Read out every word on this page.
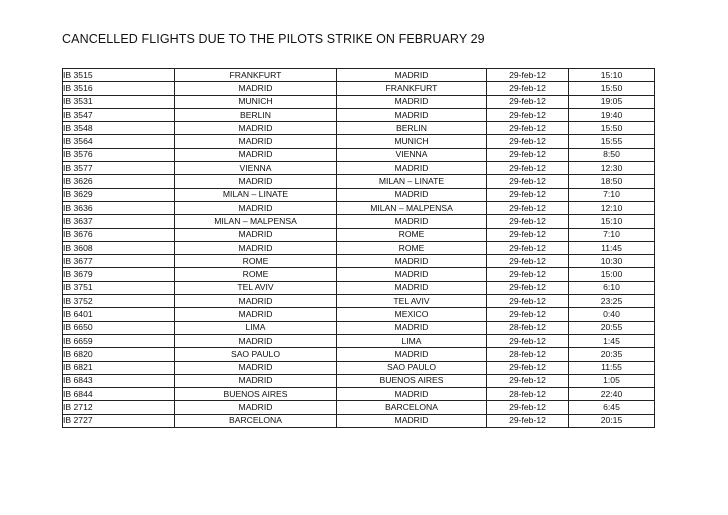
CANCELLED FLIGHTS DUE TO THE PILOTS STRIKE ON FEBRUARY 29
IB 3515	FRANKFURT	MADRID	29-feb-12	15:10
IB 3516	MADRID	FRANKFURT	29-feb-12	15:50
IB 3531	MUNICH	MADRID	29-feb-12	19:05
IB 3547	BERLIN	MADRID	29-feb-12	19:40
IB 3548	MADRID	BERLIN	29-feb-12	15:50
IB 3564	MADRID	MUNICH	29-feb-12	15:55
IB 3576	MADRID	VIENNA	29-feb-12	8:50
IB 3577	VIENNA	MADRID	29-feb-12	12:30
IB 3626	MADRID	MILAN – LINATE	29-feb-12	18:50
IB 3629	MILAN – LINATE	MADRID	29-feb-12	7:10
IB 3636	MADRID	MILAN – MALPENSA	29-feb-12	12:10
IB 3637	MILAN – MALPENSA	MADRID	29-feb-12	15:10
IB 3676	MADRID	ROME	29-feb-12	7:10
IB 3608	MADRID	ROME	29-feb-12	11:45
IB 3677	ROME	MADRID	29-feb-12	10:30
IB 3679	ROME	MADRID	29-feb-12	15:00
IB 3751	TEL AVIV	MADRID	29-feb-12	6:10
IB 3752	MADRID	TEL AVIV	29-feb-12	23:25
IB 6401	MADRID	MEXICO	29-feb-12	0:40
IB 6650	LIMA	MADRID	28-feb-12	20:55
IB 6659	MADRID	LIMA	29-feb-12	1:45
IB 6820	SAO PAULO	MADRID	28-feb-12	20:35
IB 6821	MADRID	SAO PAULO	29-feb-12	11:55
IB 6843	MADRID	BUENOS AIRES	29-feb-12	1:05
IB 6844	BUENOS AIRES	MADRID	28-feb-12	22:40
IB 2712	MADRID	BARCELONA	29-feb-12	6:45
IB 2727	BARCELONA	MADRID	29-feb-12	20:15
